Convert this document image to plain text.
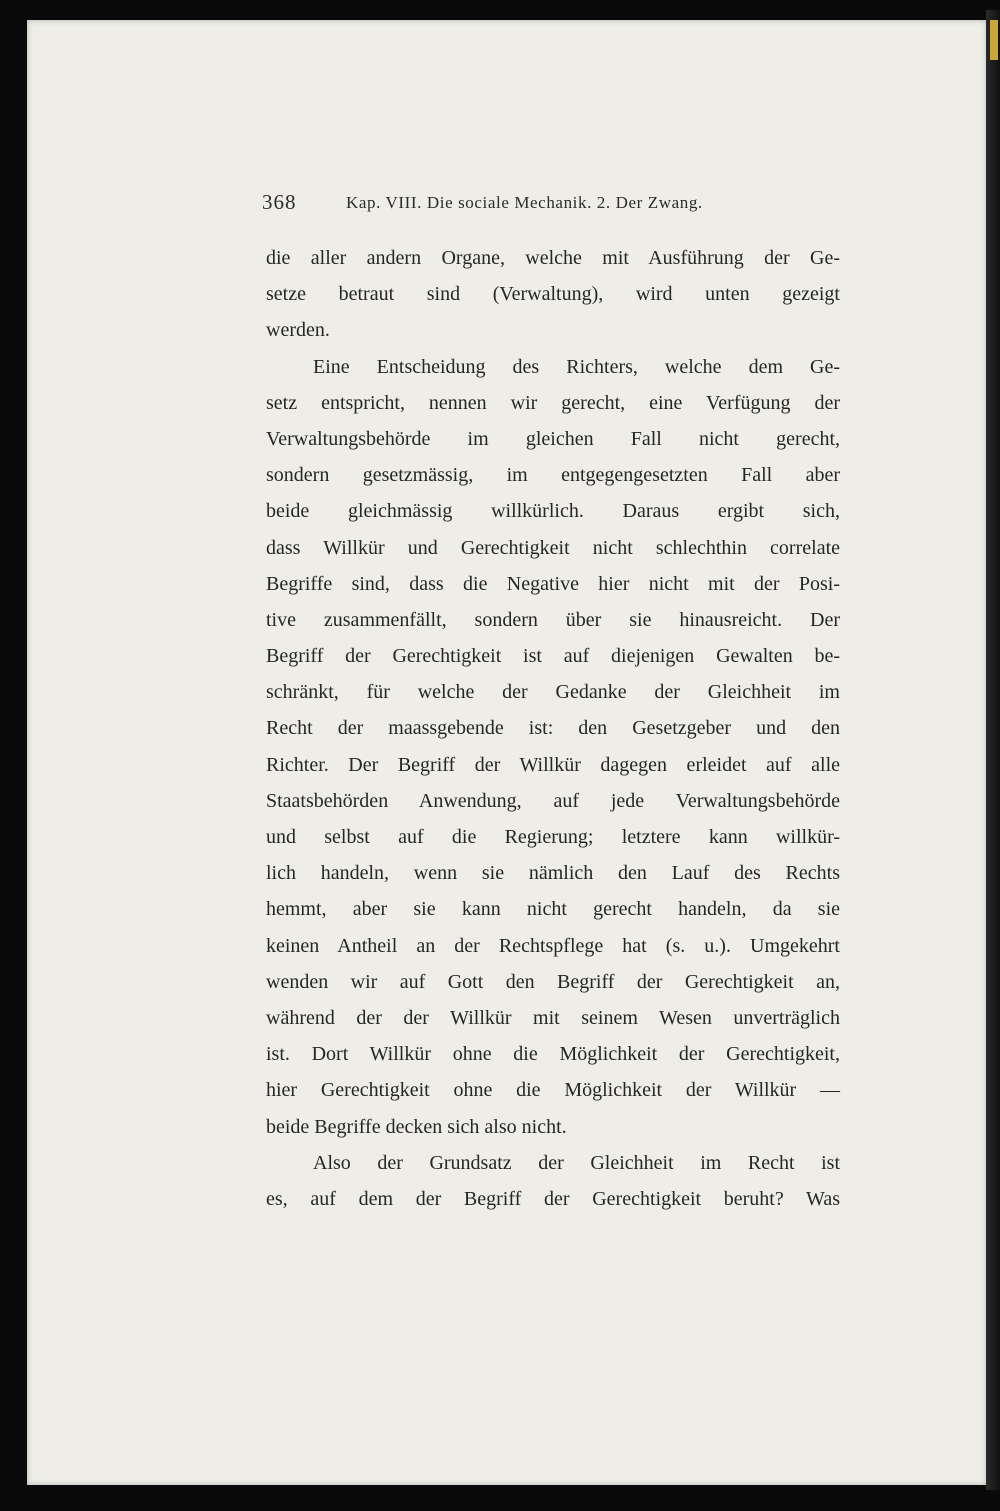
368	Kap. VIII. Die sociale Mechanik. 2. Der Zwang.
die aller andern Organe, welche mit Ausführung der Ge-
setze betraut sind (Verwaltung), wird unten gezeigt
werden.
Eine Entscheidung des Richters, welche dem Ge-
setz entspricht, nennen wir gerecht, eine Verfügung der
Verwaltungsbehörde im gleichen Fall nicht gerecht,
sondern gesetzmässig, im entgegengesetzten Fall aber
beide gleichmässig willkürlich. Daraus ergibt sich,
dass Willkür und Gerechtigkeit nicht schlechthin correlate
Begriffe sind, dass die Negative hier nicht mit der Posi-
tive zusammenfällt, sondern über sie hinausreicht. Der
Begriff der Gerechtigkeit ist auf diejenigen Gewalten be-
schränkt, für welche der Gedanke der Gleichheit im
Recht der maassgebende ist: den Gesetzgeber und den
Richter. Der Begriff der Willkür dagegen erleidet auf alle
Staatsbehörden Anwendung, auf jede Verwaltungsbehörde
und selbst auf die Regierung; letztere kann willkür-
lich handeln, wenn sie nämlich den Lauf des Rechts
hemmt, aber sie kann nicht gerecht handeln, da sie
keinen Antheil an der Rechtspflege hat (s. u.). Umgekehrt
wenden wir auf Gott den Begriff der Gerechtigkeit an,
während der der Willkür mit seinem Wesen unverträglich
ist. Dort Willkür ohne die Möglichkeit der Gerechtigkeit,
hier Gerechtigkeit ohne die Möglichkeit der Willkür —
beide Begriffe decken sich also nicht.
Also der Grundsatz der Gleichheit im Recht ist
es, auf dem der Begriff der Gerechtigkeit beruht? Was
